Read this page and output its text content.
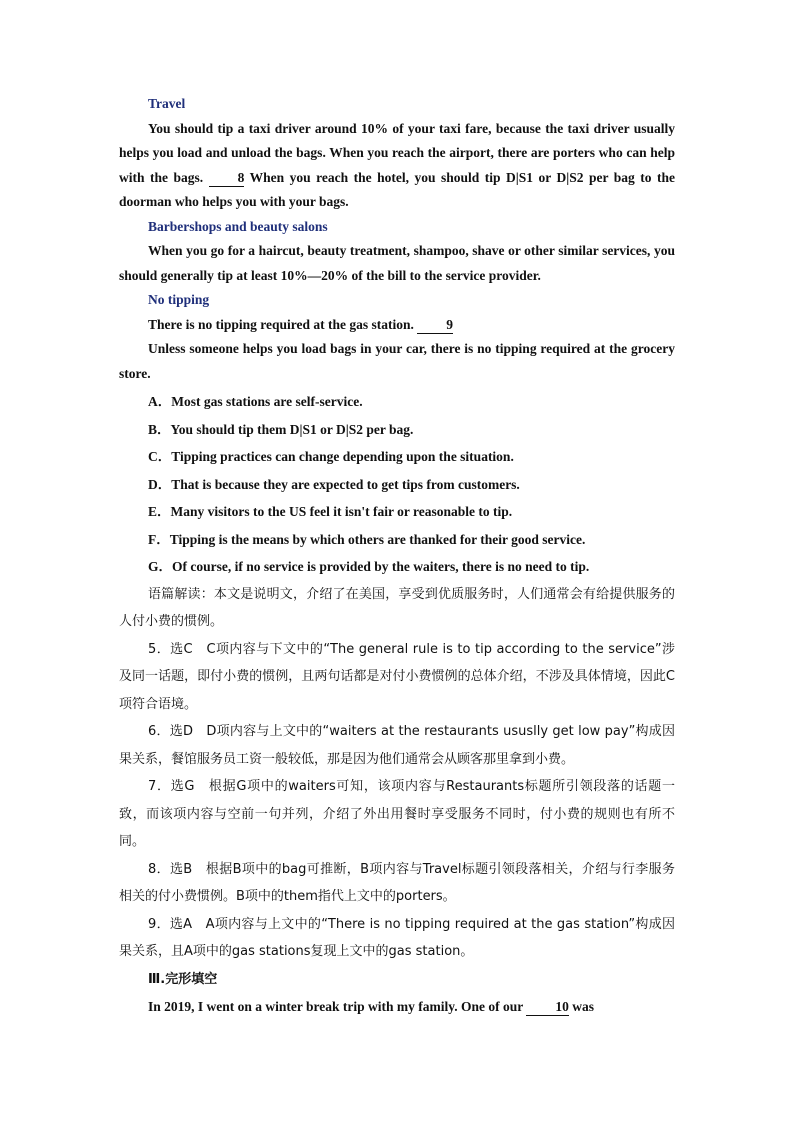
Travel
You should tip a taxi driver around 10% of your taxi fare, because the taxi driver usually helps you load and unload the bags. When you reach the airport, there are porters who can help with the bags.	8 When you reach the hotel, you should tip D|S1 or D|S2 per bag to the doorman who helps you with your bags.
Barbershops and beauty salons
When you go for a haircut, beauty treatment, shampoo, shave or other similar services, you should generally tip at least 10%—20% of the bill to the service provider.
No tipping
There is no tipping required at the gas station. 9
Unless someone helps you load bags in your car, there is no tipping required at the grocery store.
A．Most gas stations are self-service.
B．You should tip them D|S1 or D|S2 per bag.
C．Tipping practices can change depending upon the situation.
D．That is because they are expected to get tips from customers.
E．Many visitors to the US feel it isn't fair or reasonable to tip.
F．Tipping is the means by which others are thanked for their good service.
G．Of course, if no service is provided by the waiters, there is no need to tip.
语篇解读：本文是说明文，介绍了在美国，享受到优质服务时，人们通常会有给提供服务的人付小费的惯例。
5．选C　C项内容与下文中的“The general rule is to tip according to the service”涉及同一话题，即付小费的惯例，且两句话都是对付小费惯例的总体介绍，不涉及具体情境，因此C项符合语境。
6．选D　D项内容与上文中的“waiters at the restaurants ususlly get low pay”构成因果关系，餐馆服务员工资一般较低，那是因为他们通常会从顾客那里拿到小费。
7．选G　根据G项中的waiters可知，该项内容与Restaurants标题所引领段落的话题一致，而该项内容与空前一句并列，介绍了外出用餐时享受服务不同时，付小费的规则也有所不同。
8．选B　根据B项中的bag可推断，B项内容与Travel标题引领段落相关，介绍与行李服务相关的付小费惯例。B项中的them指代上文中的porters。
9．选A　A项内容与上文中的“There is no tipping required at the gas station”构成因果关系，且A项中的gas stations复现上文中的gas station。
Ⅲ.完形填空
In 2019, I went on a winter break trip with my family. One of our 10 was
